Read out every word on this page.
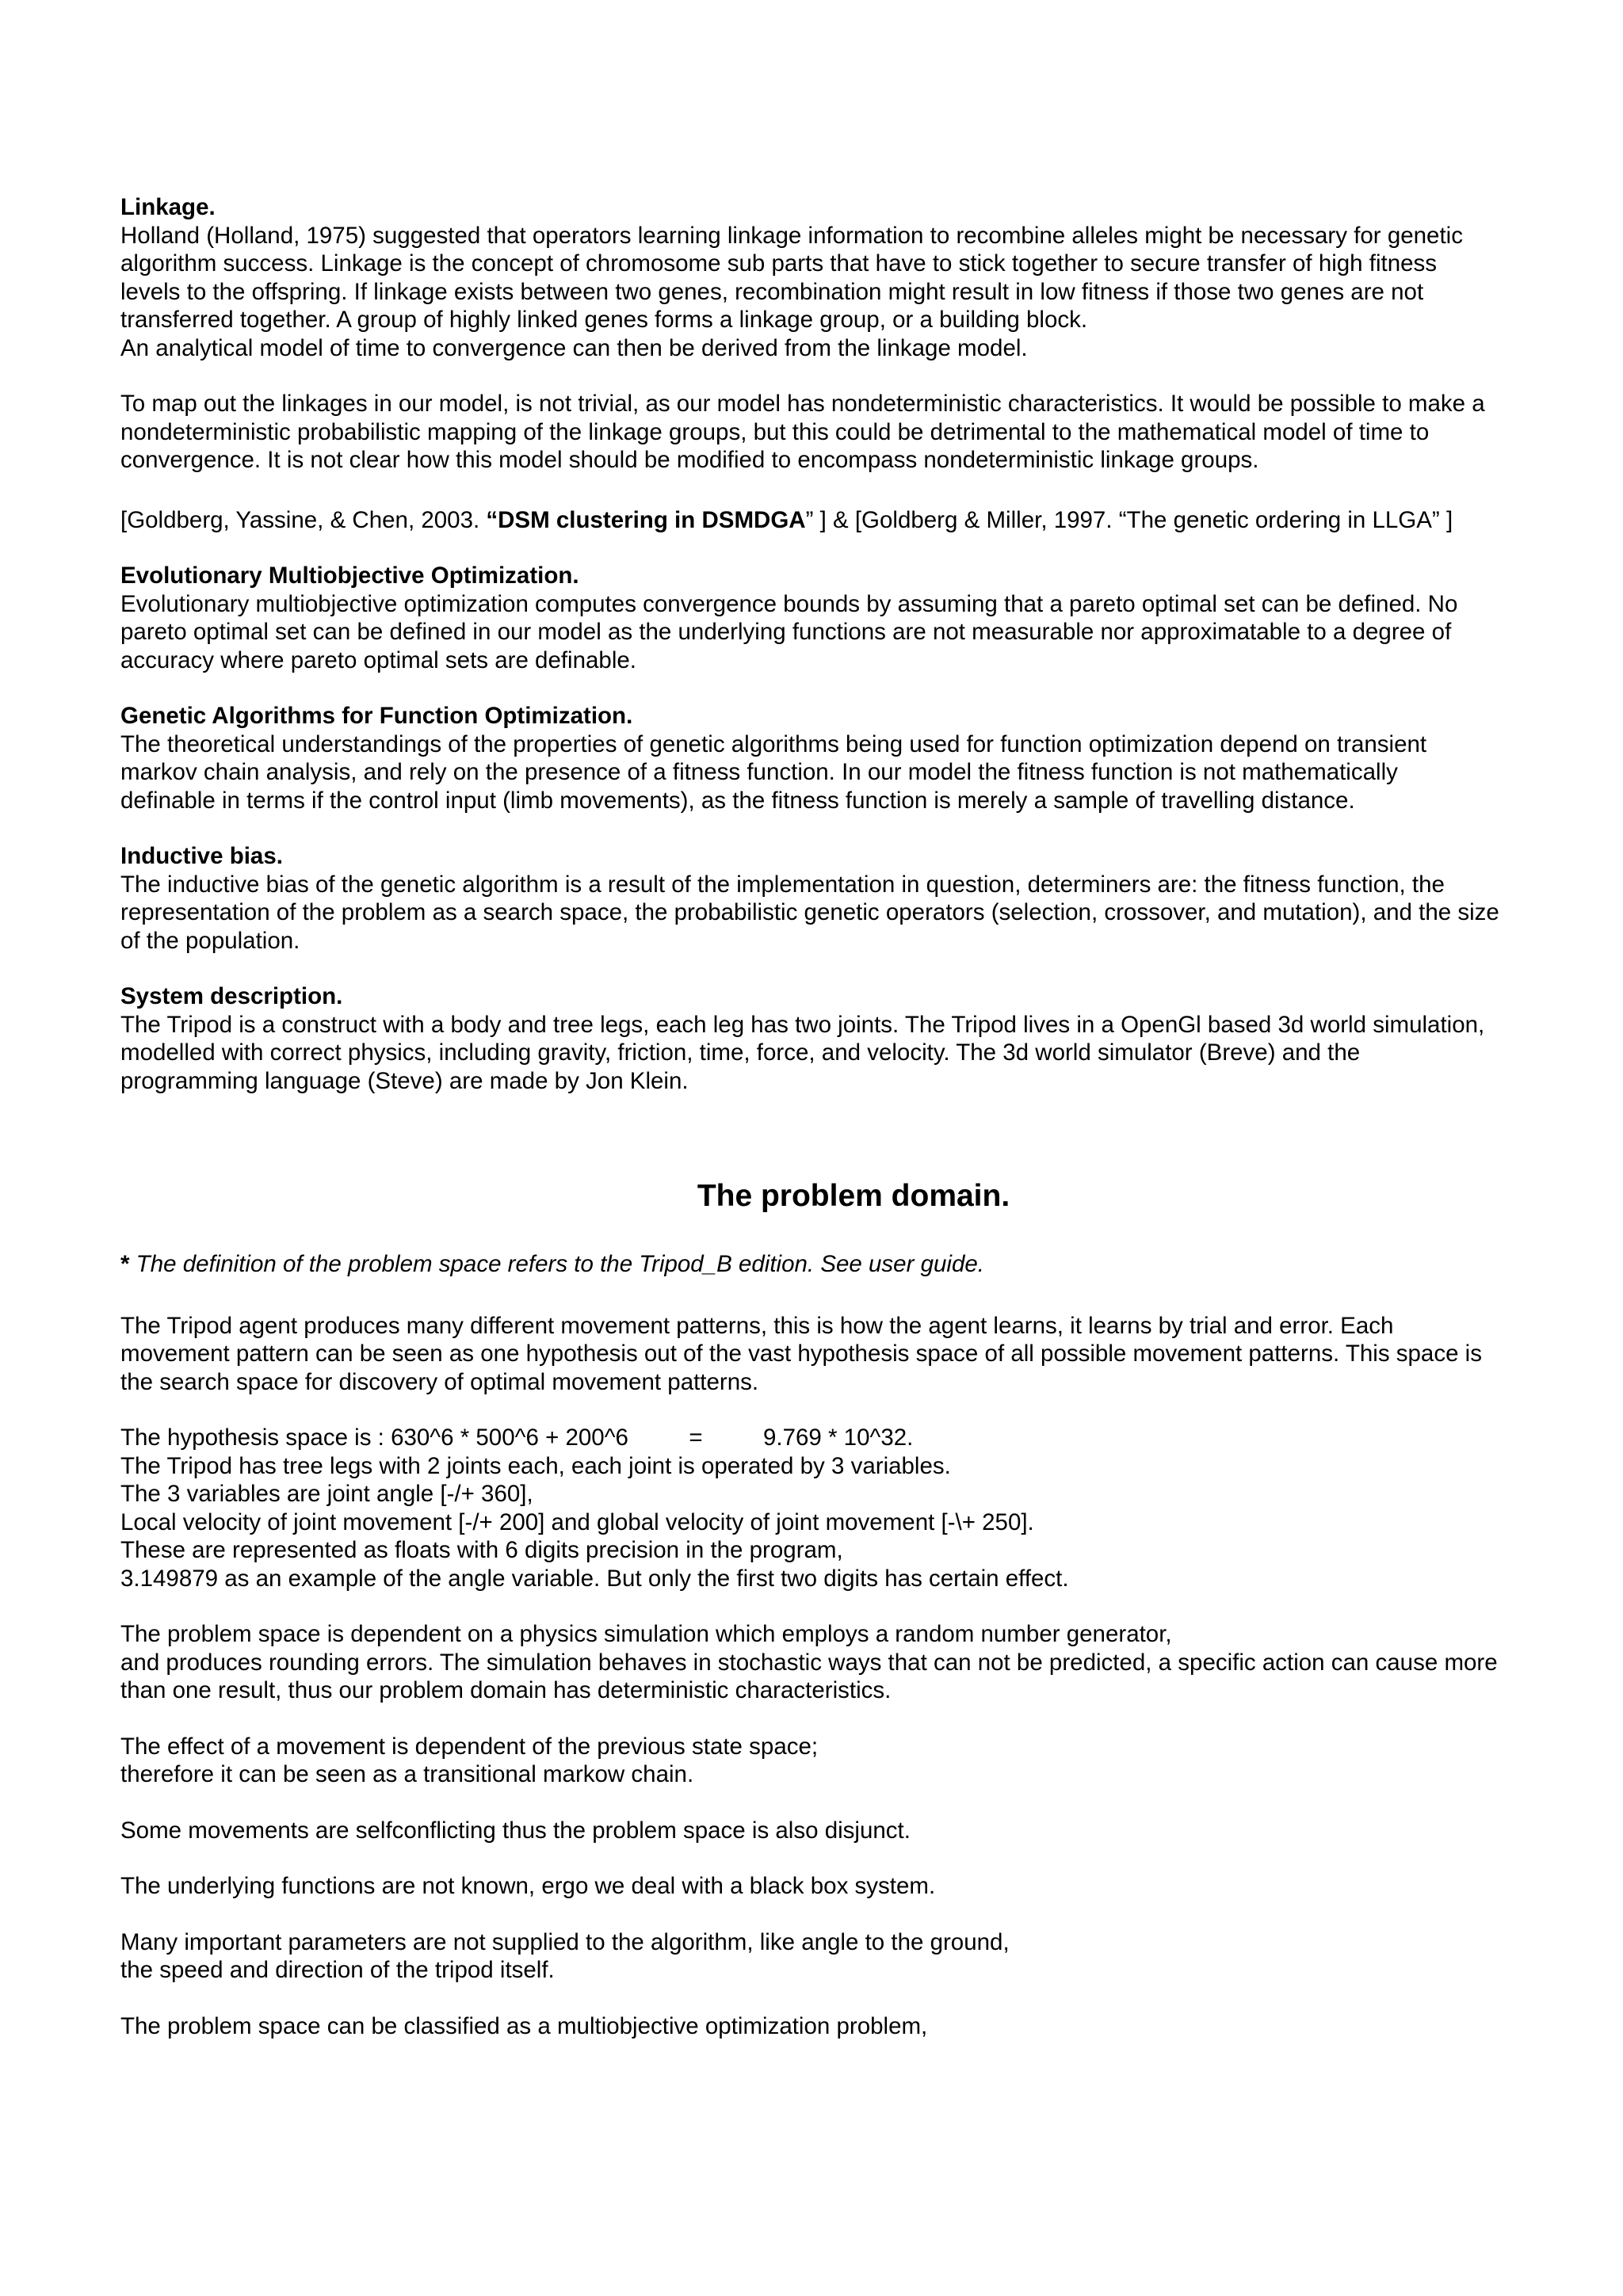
Linkage.

Holland (Holland, 1975) suggested that operators learning linkage information to recombine alleles might be necessary for genetic

algorithm success. Linkage is the concept of chromosome sub parts that have to stick together to secure transfer of high fitness

levels to the offspring. If linkage exists between two genes, recombination might result in low fitness if those two genes are not

transferred together. A group of highly linked genes forms a linkage group, or a building block.

An analytical model of time to convergence can then be derived from the linkage model.

To map out the linkages in our model, is not trivial, as our model has nondeterministic characteristics. It would be possible to make a

nondeterministic probabilistic mapping of the linkage groups, but this could be detrimental to the mathematical model of time to

convergence. It is not clear how this model should be modified to encompass nondeterministic linkage groups.

[Goldberg, Yassine, & Chen, 2003. “DSM clustering in DSMDGA” ] & [Goldberg & Miller, 1997. “The genetic ordering in LLGA” ]

Evolutionary Multiobjective Optimization.

Evolutionary multiobjective optimization computes convergence bounds by assuming that a pareto optimal set can be defined. No

pareto optimal set can be defined in our model as the underlying functions are not measurable nor approximatable to a degree of

accuracy where pareto optimal sets are definable.

Genetic Algorithms for Function Optimization.

The theoretical understandings of the properties of genetic algorithms being used for function optimization depend on transient

markov chain analysis, and rely on the presence of a fitness function. In our model the fitness function is not mathematically

definable in terms if the control input (limb movements), as the fitness function is merely a sample of travelling distance.

Inductive bias.

The inductive bias of the genetic algorithm is a result of the implementation in question, determiners are: the fitness function, the

representation of the problem as a search space, the probabilistic genetic operators (selection, crossover, and mutation), and the size

of the population.

System description.

The Tripod is a construct with a body and tree legs, each leg has two joints. The Tripod lives in a OpenGl based 3d world simulation,

modelled with correct physics, including gravity, friction, time, force, and velocity. The 3d world simulator (Breve) and the

programming language (Steve) are made by Jon Klein.

The problem domain.

* The definition of the problem space refers to the Tripod_B edition. See user guide.

The Tripod agent produces many different movement patterns, this is how the agent learns, it learns by trial and error. Each

movement pattern can be seen as one hypothesis out of the vast hypothesis space of all possible movement patterns. This space is

the search space for discovery of optimal movement patterns.

The hypothesis space is : 630^6 * 500^6 + 200^6	=	9.769 * 10^32.

The Tripod has tree legs with 2 joints each, each joint is operated by 3 variables.

The 3 variables are joint angle [-/+ 360],

Local velocity of joint movement [-/+ 200] and global velocity of joint movement [-\+ 250].

These are represented as floats with 6 digits precision in the program,

3.149879 as an example of the angle variable. But only the first two digits has certain effect.

The problem space is dependent on a physics simulation which employs a random number generator,

and produces rounding errors. The simulation behaves in stochastic ways that can not be predicted, a specific action can cause more

than one result, thus our problem domain has deterministic characteristics.

The effect of a movement is dependent of the previous state space;

therefore it can be seen as a transitional markow chain.

Some movements are selfconflicting thus the problem space is also disjunct.

The underlying functions are not known, ergo we deal with a black box system.

Many important parameters are not supplied to the algorithm, like angle to the ground,

the speed and direction of the tripod itself.

The problem space can be classified as a multiobjective optimization problem,
